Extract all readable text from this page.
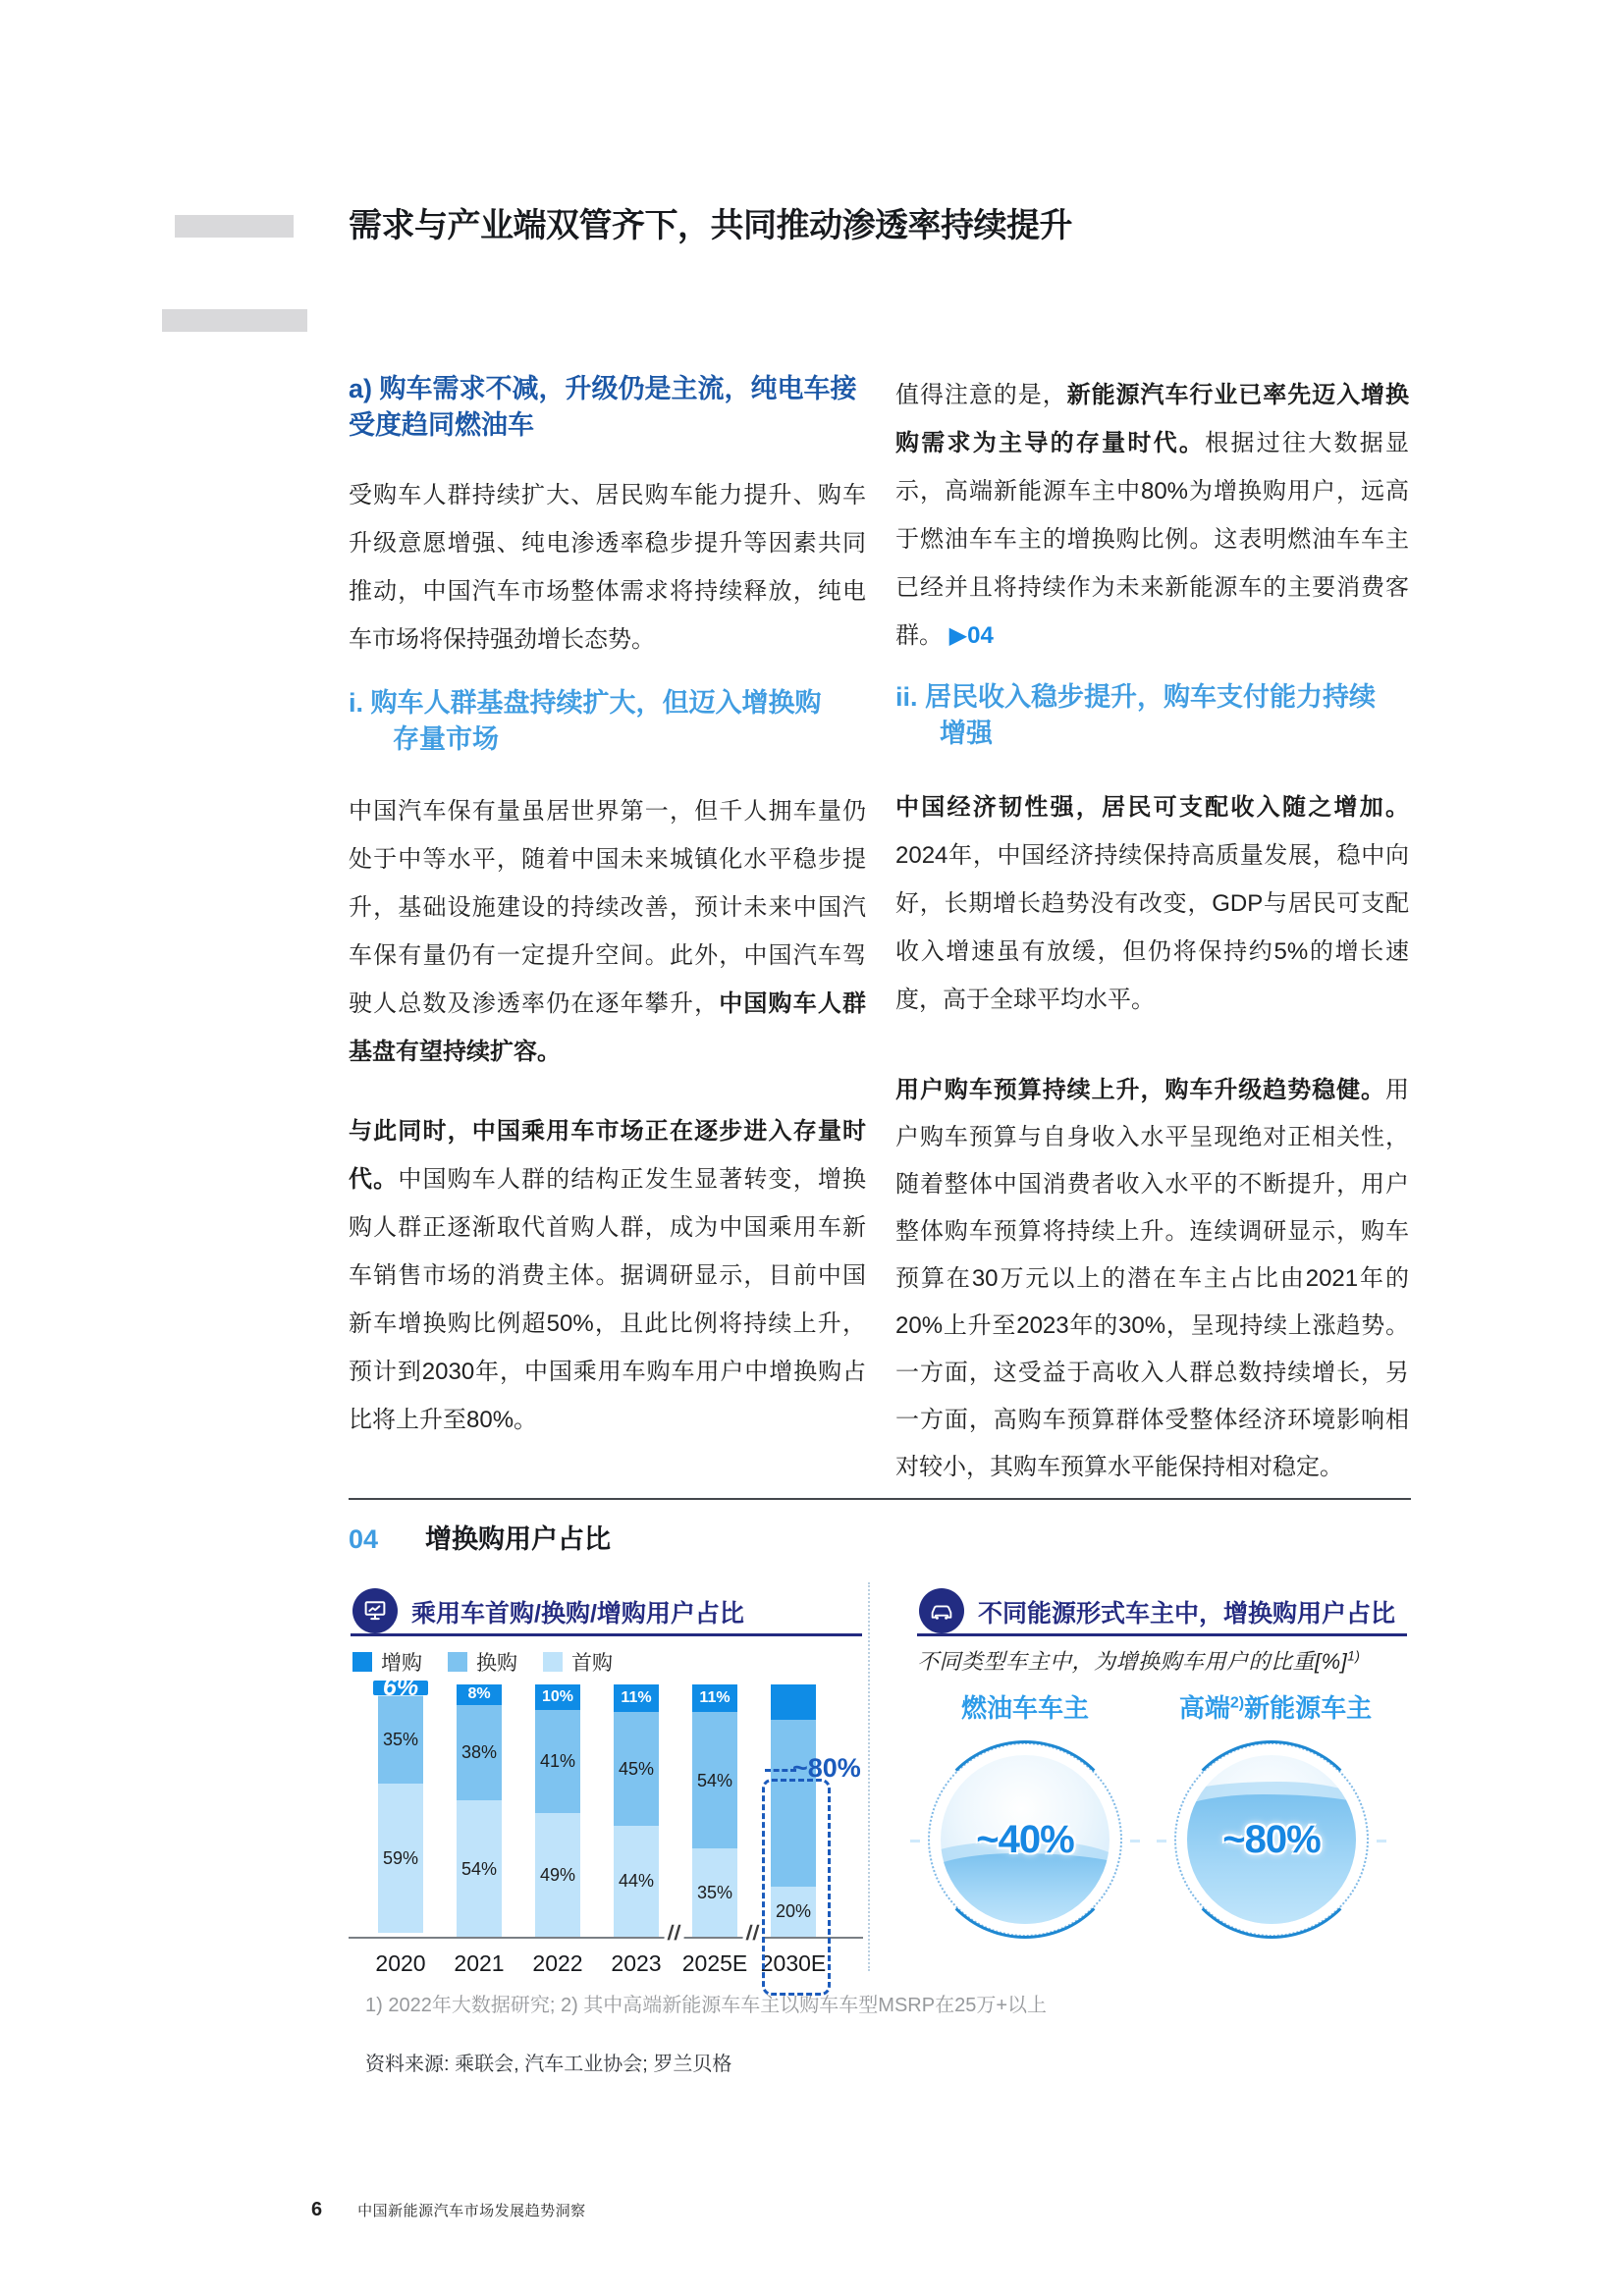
需求与产业端双管齐下，共同推动渗透率持续提升
a) 购车需求不减，升级仍是主流，纯电车接受度趋同燃油车

受购车人群持续扩大、居民购车能力提升、购车升级意愿增强、纯电渗透率稳步提升等因素共同推动，中国汽车市场整体需求将持续释放，纯电车市场将保持强劲增长态势。

i. 购车人群基盘持续扩大，但迈入增换购存量市场

中国汽车保有量虽居世界第一，但千人拥车量仍处于中等水平，随着中国未来城镇化水平稳步提升，基础设施建设的持续改善，预计未来中国汽车保有量仍有一定提升空间。此外，中国汽车驾驶人总数及渗透率仍在逐年攀升，中国购车人群基盘有望持续扩容。

与此同时，中国乘用车市场正在逐步进入存量时代。中国购车人群的结构正发生显著转变，增换购人群正逐渐取代首购人群，成为中国乘用车新车销售市场的消费主体。据调研显示，目前中国新车增换购比例超50%，且此比例将持续上升，预计到2030年，中国乘用车购车用户中增换购占比将上升至80%。

值得注意的是，新能源汽车行业已率先迈入增换购需求为主导的存量时代。根据过往大数据显示，高端新能源车主中80%为增换购用户，远高于燃油车车主的增换购比例。这表明燃油车车主已经并且将持续作为未来新能源车的主要消费客群。 ▶04

ii. 居民收入稳步提升，购车支付能力持续增强

中国经济韧性强，居民可支配收入随之增加。2024年，中国经济持续保持高质量发展，稳中向好，长期增长趋势没有改变，GDP与居民可支配收入增速虽有放缓，但仍将保持约5%的增长速度，高于全球平均水平。

用户购车预算持续上升，购车升级趋势稳健。用户购车预算与自身收入水平呈现绝对正相关性，随着整体中国消费者收入水平的不断提升，用户整体购车预算将持续上升。连续调研显示，购车预算在30万元以上的潜在车主占比由2021年的20%上升至2023年的30%，呈现持续上涨趋势。一方面，这受益于高收入人群总数持续增长，另一方面，高购车预算群体受整体经济环境影响相对较小，其购车预算水平能保持相对稳定。

04 增换购用户占比
乘用车首购/换购/增购用户占比
增购	换购	首购
~80%
6%
35%
59%
2020
8%
38%
54%
2021
10%
41%
49%
2022
11%
45%
44%
2023
11%
54%
35%
2025E
20%
2030E
//	//
不同能源形式车主中，增换购用户占比
不同类型车主中，为增换购车用户的比重[%]$^{1)}$
燃油车车主	高端$^{2)}$新能源车主
~40%	~80%
1) 2022年大数据研究; 2) 其中高端新能源车车主以购车车型MSRP在25万+以上
资料来源: 乘联会, 汽车工业协会; 罗兰贝格
6 中国新能源汽车市场发展趋势洞察
